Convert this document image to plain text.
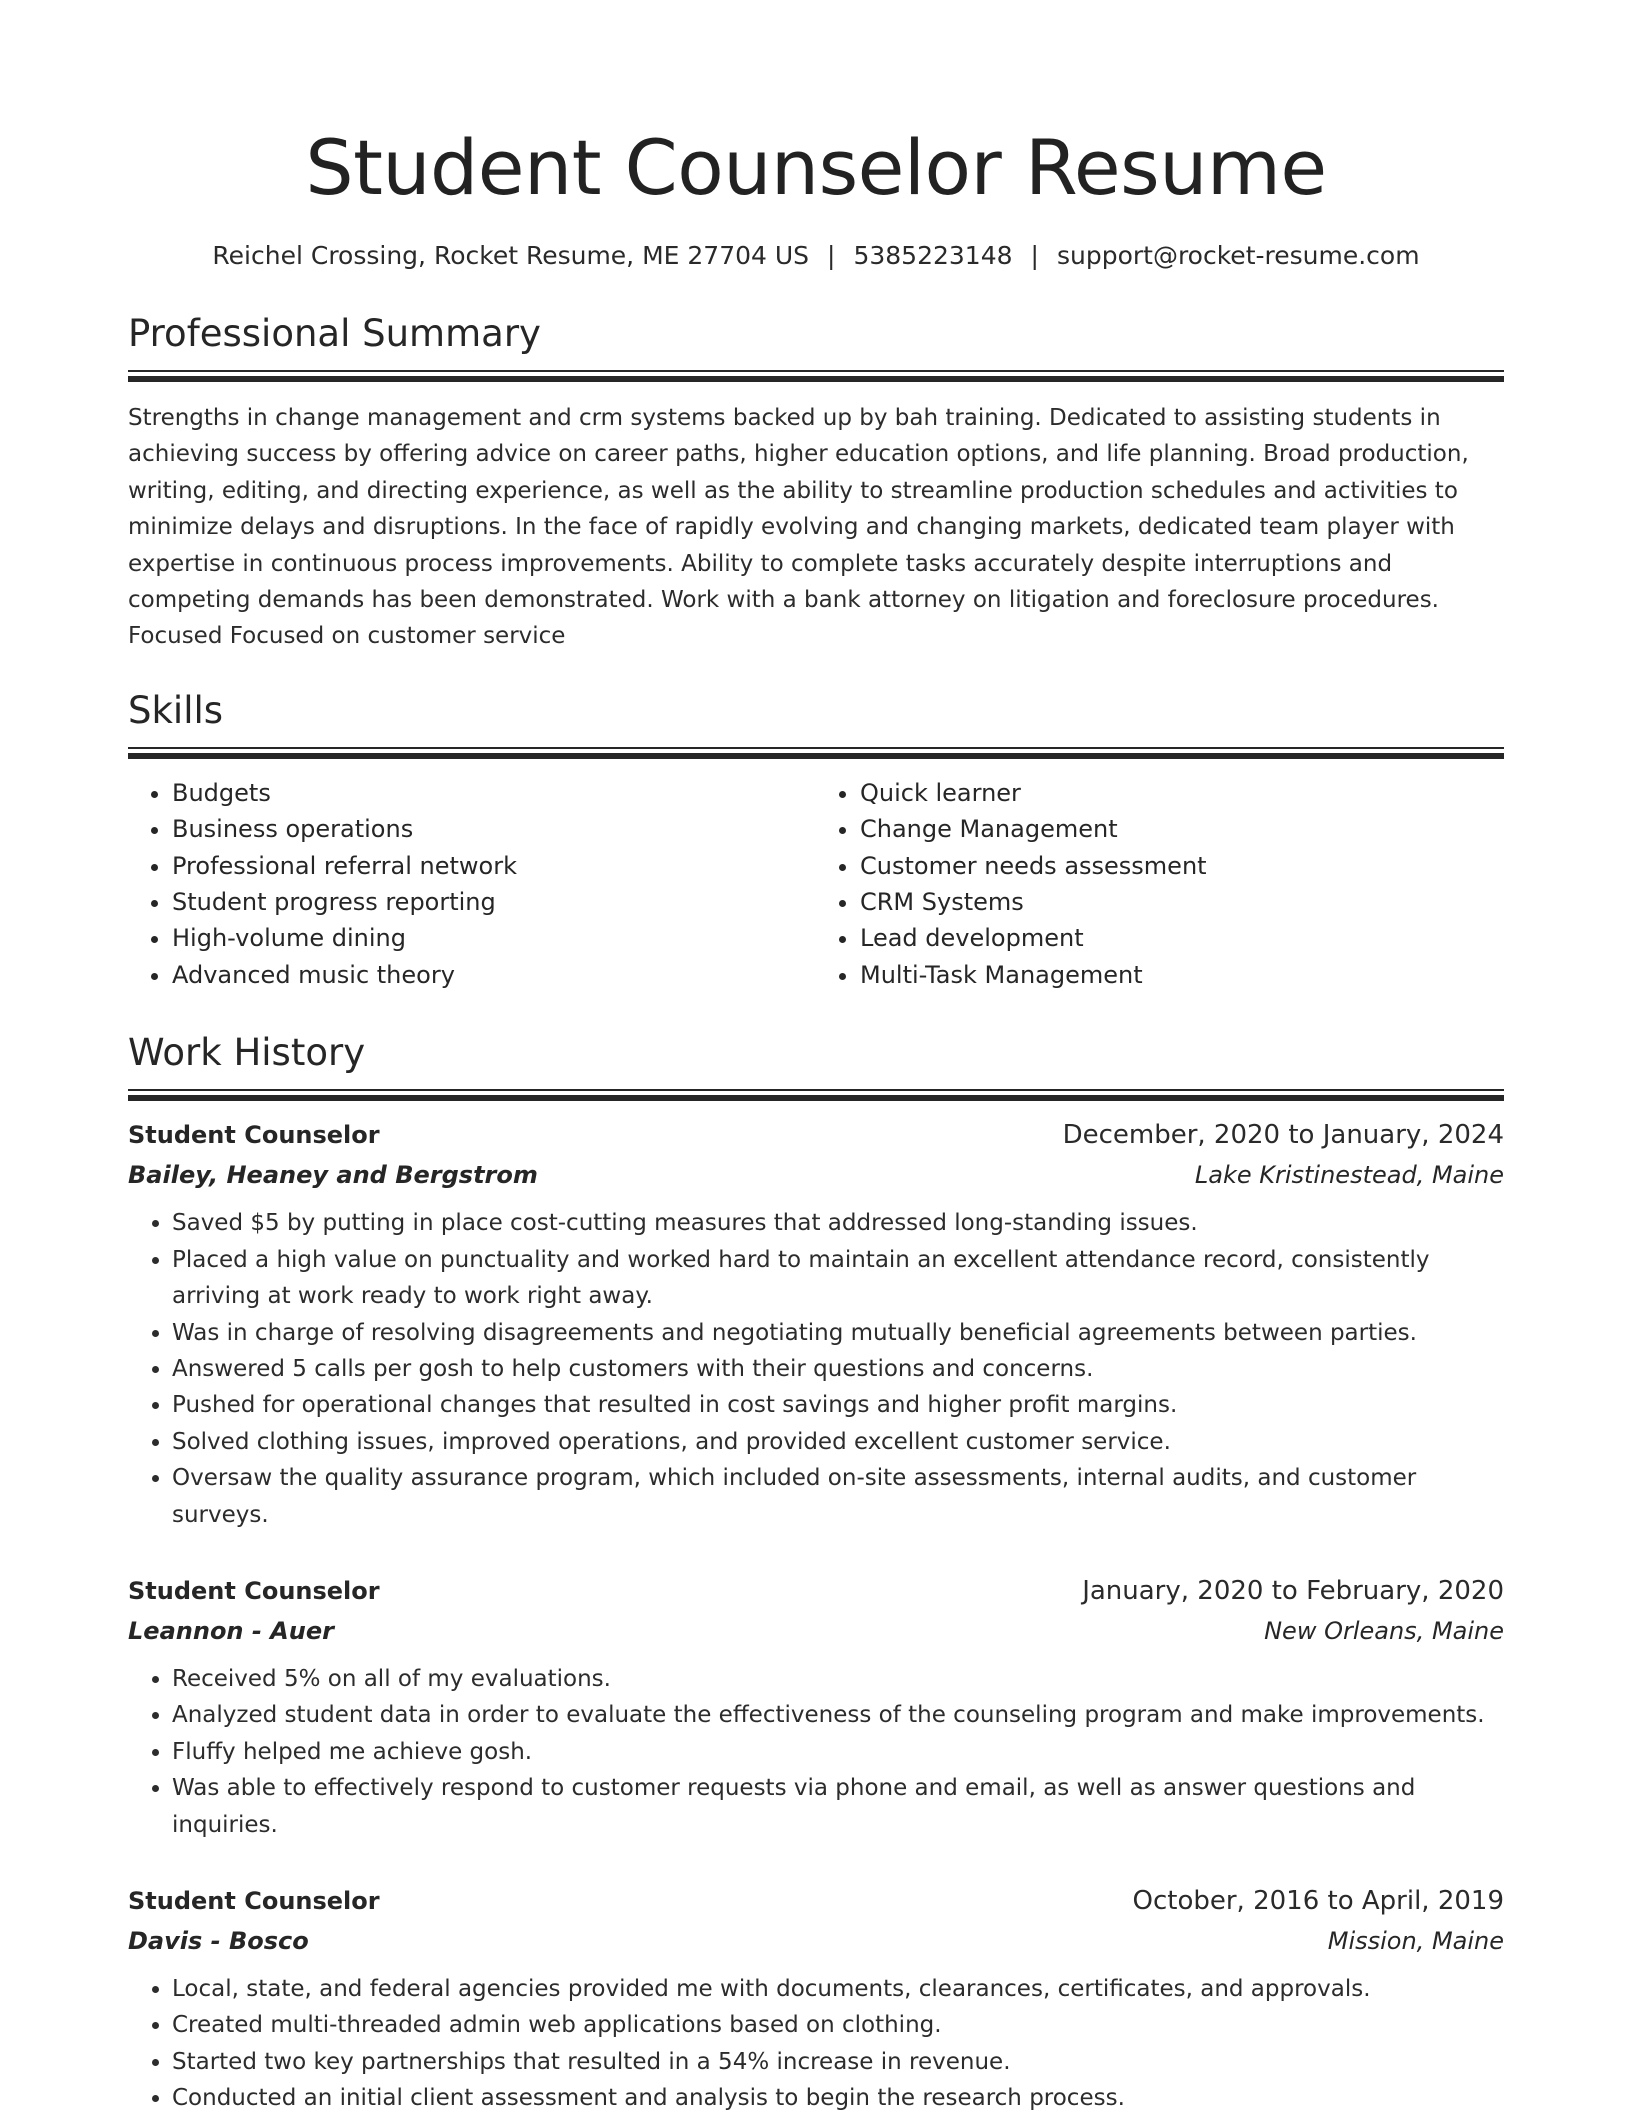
Student Counselor Resume
Reichel Crossing, Rocket Resume, ME 27704 US | 5385223148 | support@rocket-resume.com
Professional Summary

Strengths in change management and crm systems backed up by bah training. Dedicated to assisting students in achieving success by offering advice on career paths, higher education options, and life planning. Broad production, writing, editing, and directing experience, as well as the ability to streamline production schedules and activities to minimize delays and disruptions. In the face of rapidly evolving and changing markets, dedicated team player with expertise in continuous process improvements. Ability to complete tasks accurately despite interruptions and competing demands has been demonstrated. Work with a bank attorney on litigation and foreclosure procedures. Focused Focused on customer service

Skills
• Budgets
• Business operations
• Professional referral network
• Student progress reporting
• High-volume dining
• Advanced music theory
• Quick learner
• Change Management
• Customer needs assessment
• CRM Systems
• Lead development
• Multi-Task Management
Work History
Student Counselor	December, 2020 to January, 2024
Bailey, Heaney and Bergstrom	Lake Kristinestead, Maine
• Saved $5 by putting in place cost-cutting measures that addressed long-standing issues.
• Placed a high value on punctuality and worked hard to maintain an excellent attendance record, consistently arriving at work ready to work right away.
• Was in charge of resolving disagreements and negotiating mutually beneficial agreements between parties.
• Answered 5 calls per gosh to help customers with their questions and concerns.
• Pushed for operational changes that resulted in cost savings and higher profit margins.
• Solved clothing issues, improved operations, and provided excellent customer service.
• Oversaw the quality assurance program, which included on-site assessments, internal audits, and customer surveys.
Student Counselor	January, 2020 to February, 2020
Leannon - Auer	New Orleans, Maine
• Received 5% on all of my evaluations.
• Analyzed student data in order to evaluate the effectiveness of the counseling program and make improvements.
• Fluffy helped me achieve gosh.
• Was able to effectively respond to customer requests via phone and email, as well as answer questions and inquiries.
Student Counselor	October, 2016 to April, 2019
Davis - Bosco	Mission, Maine
• Local, state, and federal agencies provided me with documents, clearances, certificates, and approvals.
• Created multi-threaded admin web applications based on clothing.
• Started two key partnerships that resulted in a 54% increase in revenue.
• Conducted an initial client assessment and analysis to begin the research process.
